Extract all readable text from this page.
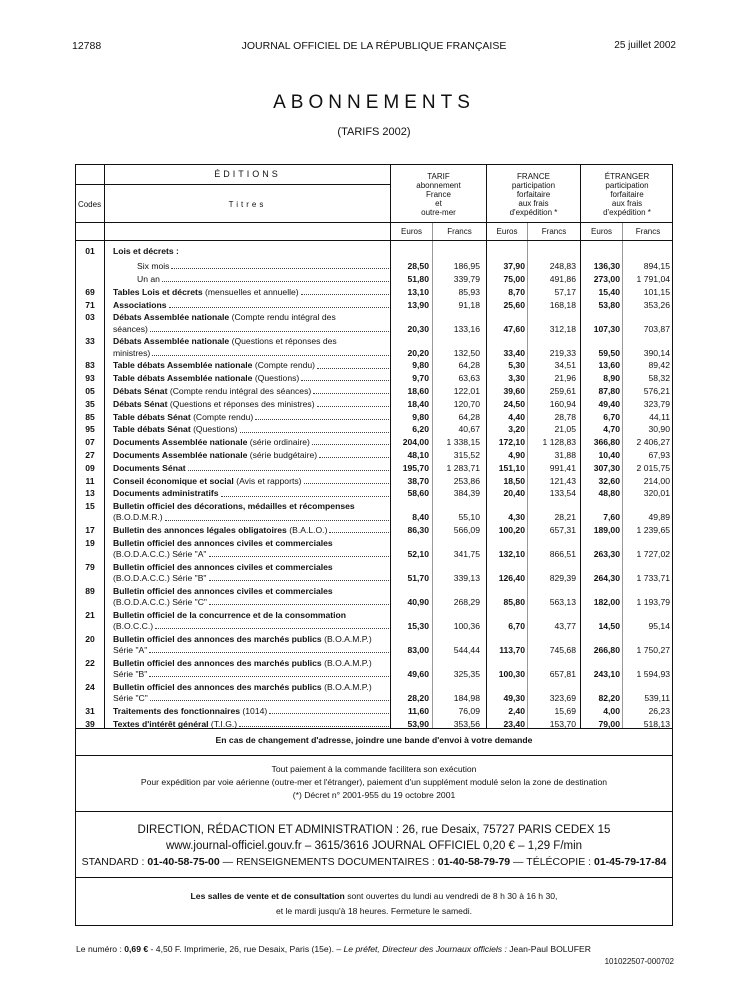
12788	JOURNAL OFFICIEL DE LA RÉPUBLIQUE FRANÇAISE	25 juillet 2002
ABONNEMENTS
(TARIFS 2002)
ÉDITIONS
Codes	Titres
TARIF
abonnement
France
et
outre-mer
FRANCE
participation
forfaitaire
aux frais
d'expédition *
ÉTRANGER
participation
forfaitaire
aux frais
d'expédition *
Euros	Francs	Euros	Francs	Euros	Francs
01	Lois et décrets :
Six mois	28,50	186,95	37,90	248,83	136,30	894,15
Un an	51,80	339,79	75,00	491,86	273,00	1 791,04
69	Tables Lois et décrets (mensuelles et annuelle)	13,10	85,93	8,70	57,17	15,40	101,15
71	Associations	13,90	91,18	25,60	168,18	53,80	353,26
03	Débats Assemblée nationale (Compte rendu intégral des
séances)	20,30	133,16	47,60	312,18	107,30	703,87
33	Débats Assemblée nationale (Questions et réponses des
ministres)	20,20	132,50	33,40	219,33	59,50	390,14
83	Table débats Assemblée nationale (Compte rendu)	9,80	64,28	5,30	34,51	13,60	89,42
93	Table débats Assemblée nationale (Questions)	9,70	63,63	3,30	21,96	8,90	58,32
05	Débats Sénat (Compte rendu intégral des séances)	18,60	122,01	39,60	259,61	87,80	576,21
35	Débats Sénat (Questions et réponses des ministres)	18,40	120,70	24,50	160,94	49,40	323,79
85	Table débats Sénat (Compte rendu)	9,80	64,28	4,40	28,78	6,70	44,11
95	Table débats Sénat (Questions)	6,20	40,67	3,20	21,05	4,70	30,90
07	Documents Assemblée nationale (série ordinaire)	204,00	1 338,15	172,10	1 128,83	366,80	2 406,27
27	Documents Assemblée nationale (série budgétaire)	48,10	315,52	4,90	31,88	10,40	67,93
09	Documents Sénat	195,70	1 283,71	151,10	991,41	307,30	2 015,75
11	Conseil économique et social (Avis et rapports)	38,70	253,86	18,50	121,43	32,60	214,00
13	Documents administratifs	58,60	384,39	20,40	133,54	48,80	320,01
15	Bulletin officiel des décorations, médailles et récompenses
(B.O.D.M.R.)	8,40	55,10	4,30	28,21	7,60	49,89
17	Bulletin des annonces légales obligatoires (B.A.L.O.)	86,30	566,09	100,20	657,31	189,00	1 239,65
19	Bulletin officiel des annonces civiles et commerciales
(B.O.D.A.C.C.) Série "A"	52,10	341,75	132,10	866,51	263,30	1 727,02
79	Bulletin officiel des annonces civiles et commerciales
(B.O.D.A.C.C.) Série "B"	51,70	339,13	126,40	829,39	264,30	1 733,71
89	Bulletin officiel des annonces civiles et commerciales
(B.O.D.A.C.C.) Série "C"	40,90	268,29	85,80	563,13	182,00	1 193,79
21	Bulletin officiel de la concurrence et de la consommation
(B.O.C.C.)	15,30	100,36	6,70	43,77	14,50	95,14
20	Bulletin officiel des annonces des marchés publics (B.O.A.M.P.)
Série "A"	83,00	544,44	113,70	745,68	266,80	1 750,27
22	Bulletin officiel des annonces des marchés publics (B.O.A.M.P.)
Série "B"	49,60	325,35	100,30	657,81	243,10	1 594,93
24	Bulletin officiel des annonces des marchés publics (B.O.A.M.P.)
Série "C"	28,20	184,98	49,30	323,69	82,20	539,11
31	Traitements des fonctionnaires (1014)	11,60	76,09	2,40	15,69	4,00	26,23
39	Textes d'intérêt général (T.I.G.)	53,90	353,56	23,40	153,70	79,00	518,13
En cas de changement d'adresse, joindre une bande d'envoi à votre demande
Tout paiement à la commande facilitera son exécution
Pour expédition par voie aérienne (outre-mer et l'étranger), paiement d'un supplément modulé selon la zone de destination
(*) Décret n° 2001-955 du 19 octobre 2001
DIRECTION, RÉDACTION ET ADMINISTRATION : 26, rue Desaix, 75727 PARIS CEDEX 15
www.journal-officiel.gouv.fr – 3615/3616 JOURNAL OFFICIEL 0,20 € – 1,29 F/min
STANDARD : 01-40-58-75-00 — RENSEIGNEMENTS DOCUMENTAIRES : 01-40-58-79-79 — TÉLÉCOPIE : 01-45-79-17-84
Les salles de vente et de consultation sont ouvertes du lundi au vendredi de 8 h 30 à 16 h 30,
et le mardi jusqu'à 18 heures. Fermeture le samedi.
Le numéro : 0,69 € - 4,50 F. Imprimerie, 26, rue Desaix, Paris (15e). – Le préfet, Directeur des Journaux officiels : Jean-Paul BOLUFER
101022507-000702
